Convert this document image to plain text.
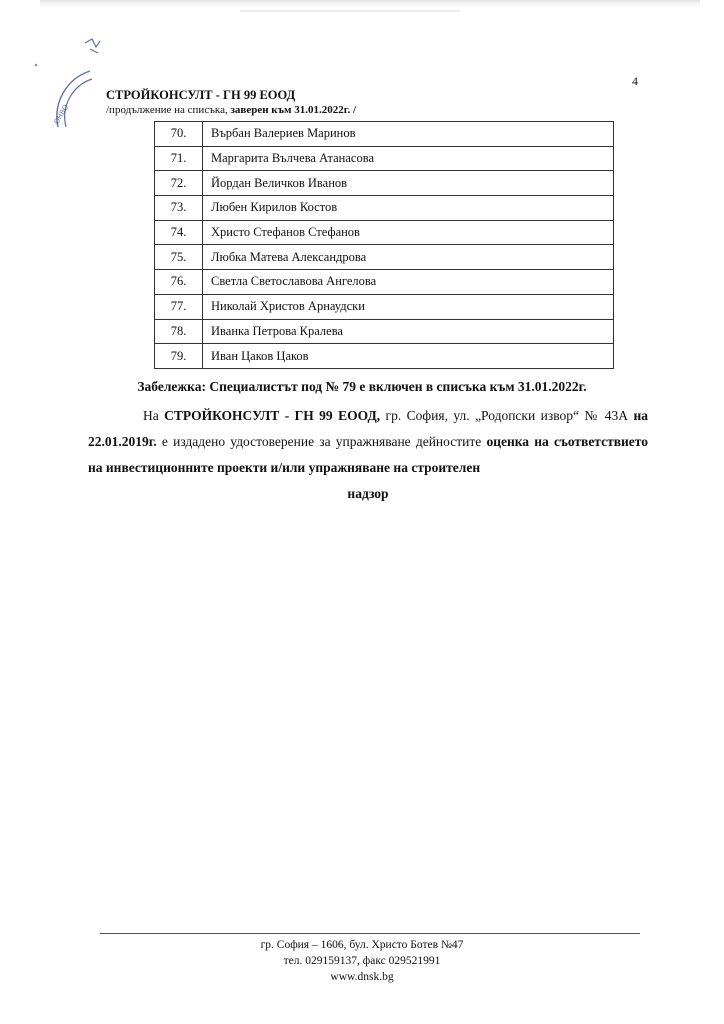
ОНВО
4
СТРОЙКОНСУЛТ - ГН 99 ЕООД
/продължение на списъка, заверен към 31.01.2022г. /
70.	Върбан Валериев Маринов
71.	Маргарита Вълчева Атанасова
72.	Йордан Величков Иванов
73.	Любен Кирилов Костов
74.	Христо Стефанов Стефанов
75.	Любка Матева Александрова
76.	Светла Светославова Ангелова
77.	Николай Христов Арнаудски
78.	Иванка Петрова Кралева
79.	Иван Цаков Цаков
Забележка: Специалистът под № 79 е включен в списъка към 31.01.2022г.
На СТРОЙКОНСУЛТ - ГН 99 ЕООД, гр. София, ул. „Родопски извор“ № 43А на 22.01.2019г. е издадено удостоверение за упражняване дейностите оценка на съответствието на инвестиционните проекти и/или упражняване на строителен
надзор
гр. София – 1606, бул. Христо Ботев №47
тел. 029159137, факс 029521991
www.dnsk.bg
